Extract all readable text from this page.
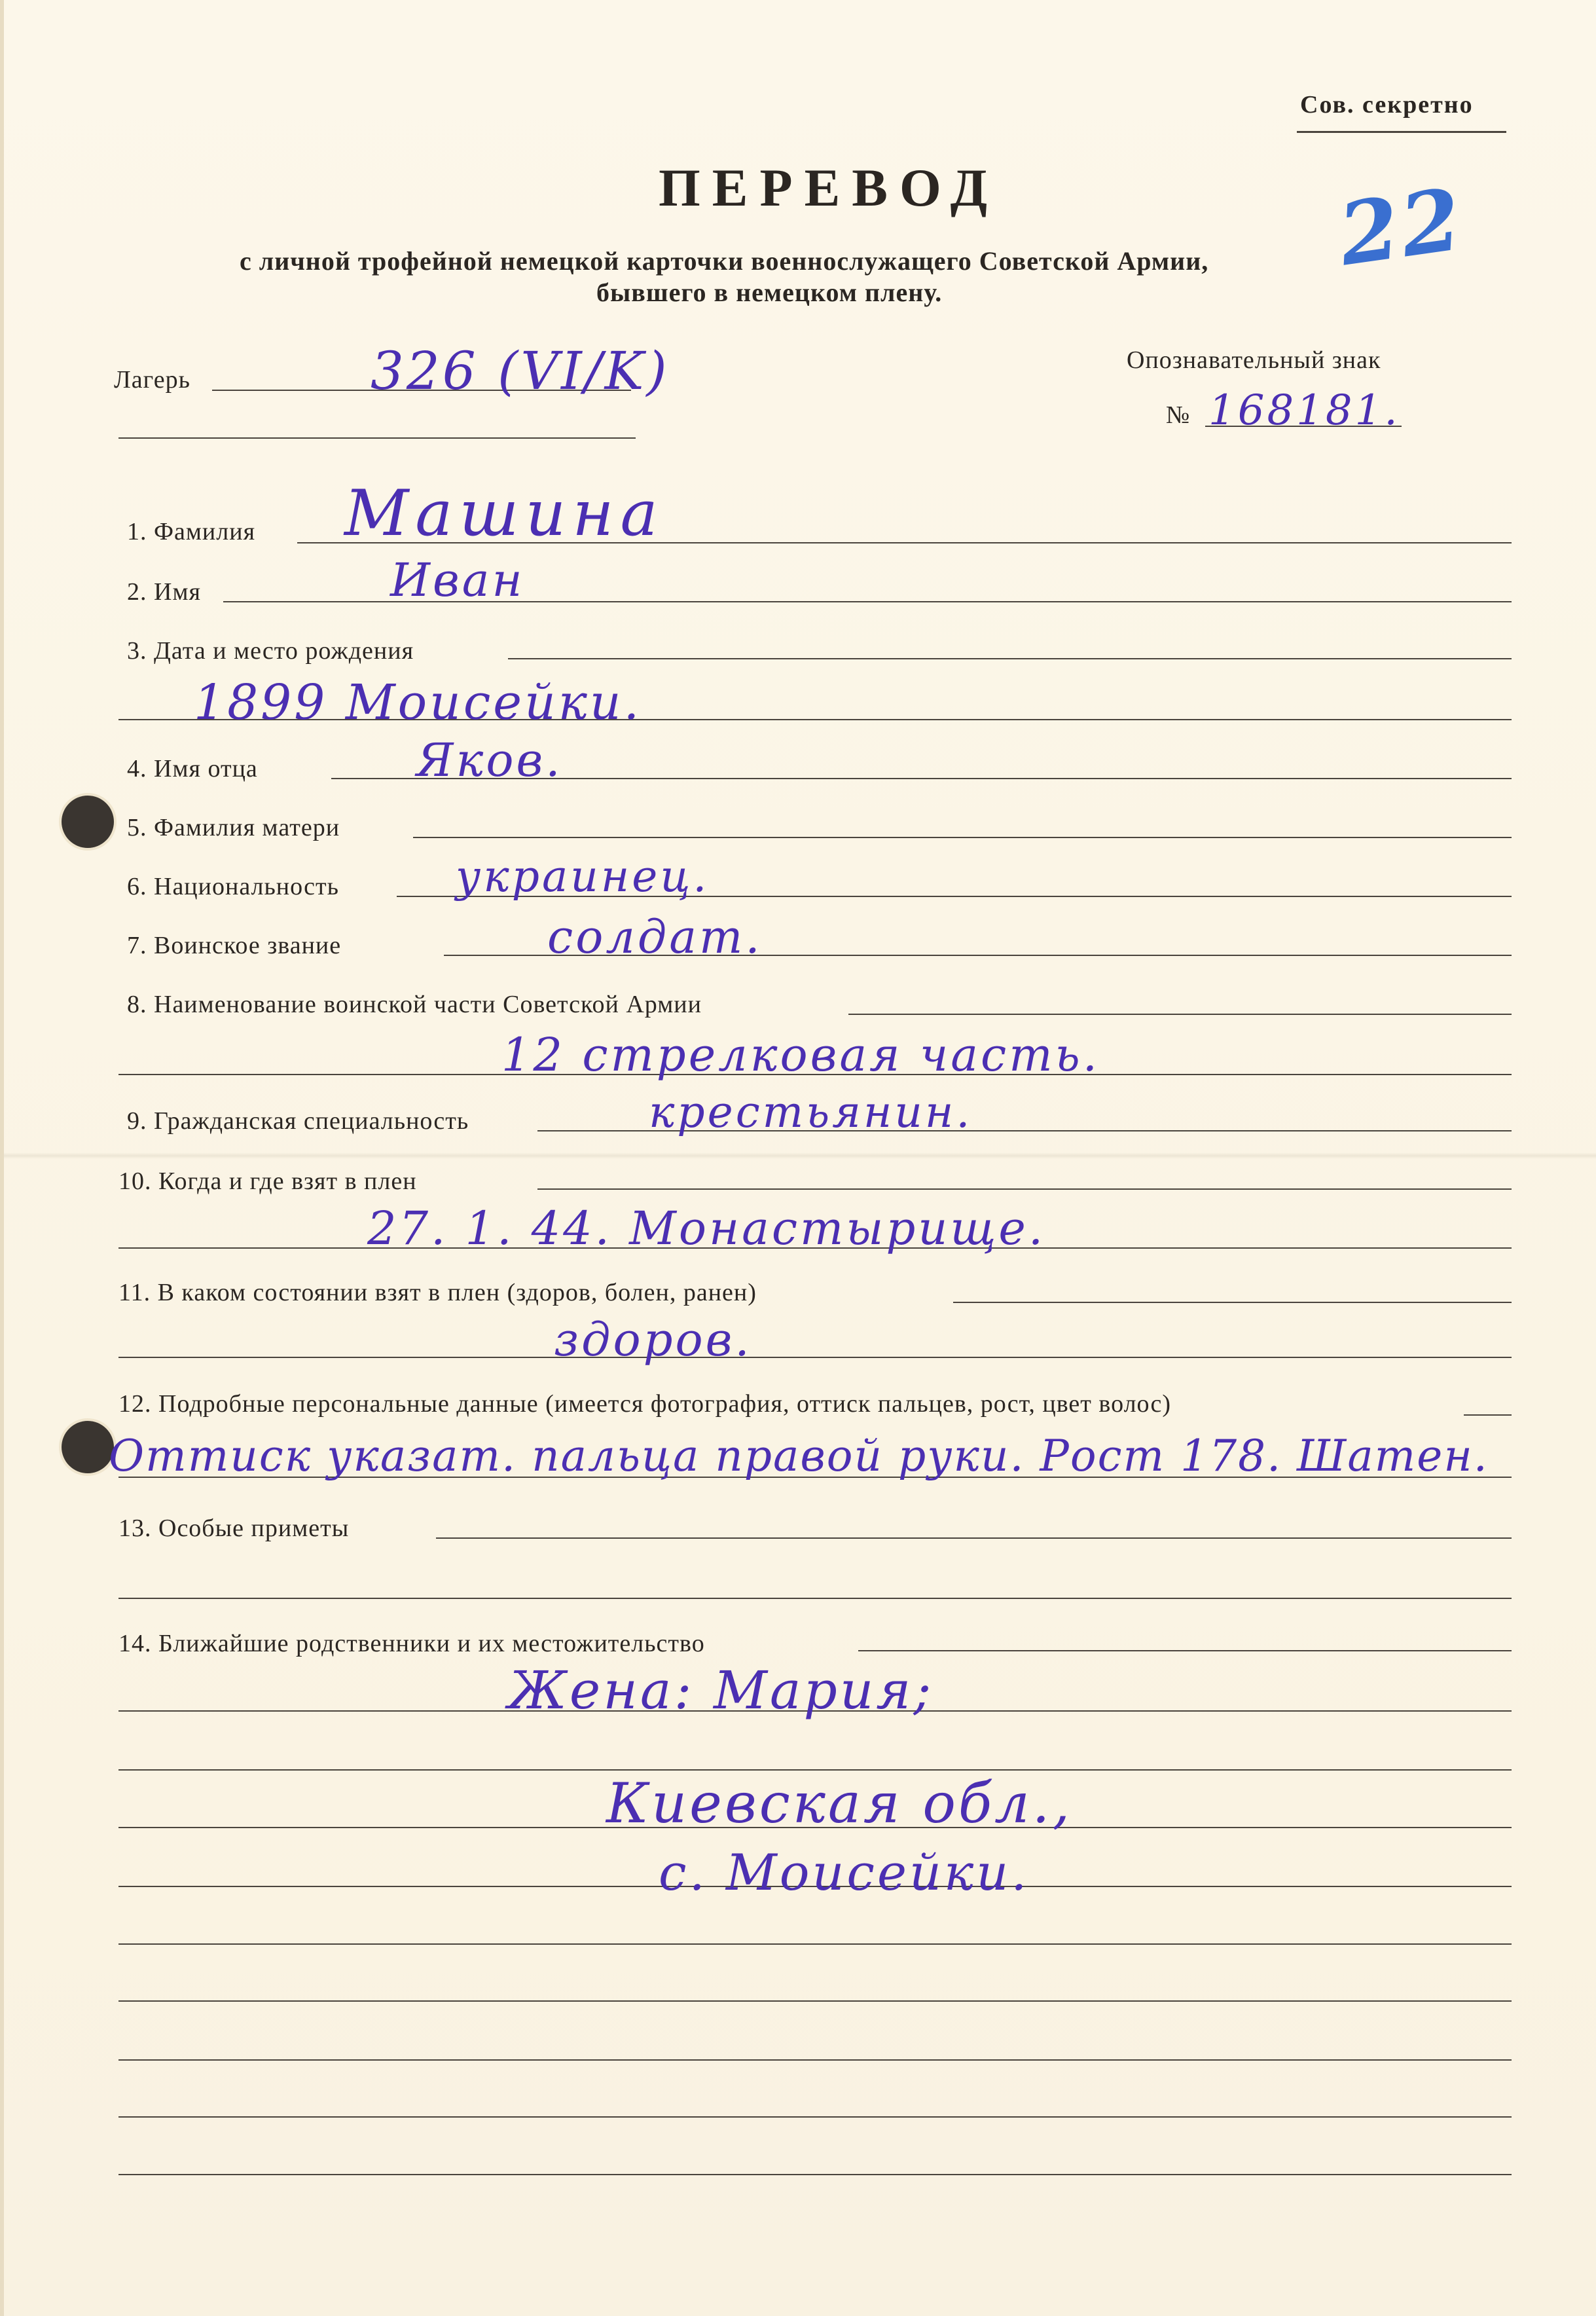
Сов. секретно
ПЕРЕВОД
с личной трофейной немецкой карточки военнослужащего Советской Армии,
бывшего в немецком плену.
22
Лагерь	326 (VI/K)	Опознавательный знак
№ 168181.
1. Фамилия Машина
2. Имя	Иван
3. Дата и место рождения
1899 Моисейки.
4. Имя отца	Яков.
5. Фамилия матери
6. Национальность	украинец.
7. Воинское звание	солдат.
8. Наименование воинской части Советской Армии
12 стрелковая часть.
9. Гражданская специальность	крестьянин.
10. Когда и где взят в плен
27. 1. 44. Монастырище.
11. В каком состоянии взят в плен (здоров, болен, ранен)
здоров.
12. Подробные персональные данные (имеется фотография, оттиск пальцев, рост, цвет волос)
Оттиск указат. пальца правой руки. Рост 178. Шатен.
13. Особые приметы
14. Ближайшие родственники и их местожительство
Жена: Мария;
Киевская обл.,
с. Моисейки.
